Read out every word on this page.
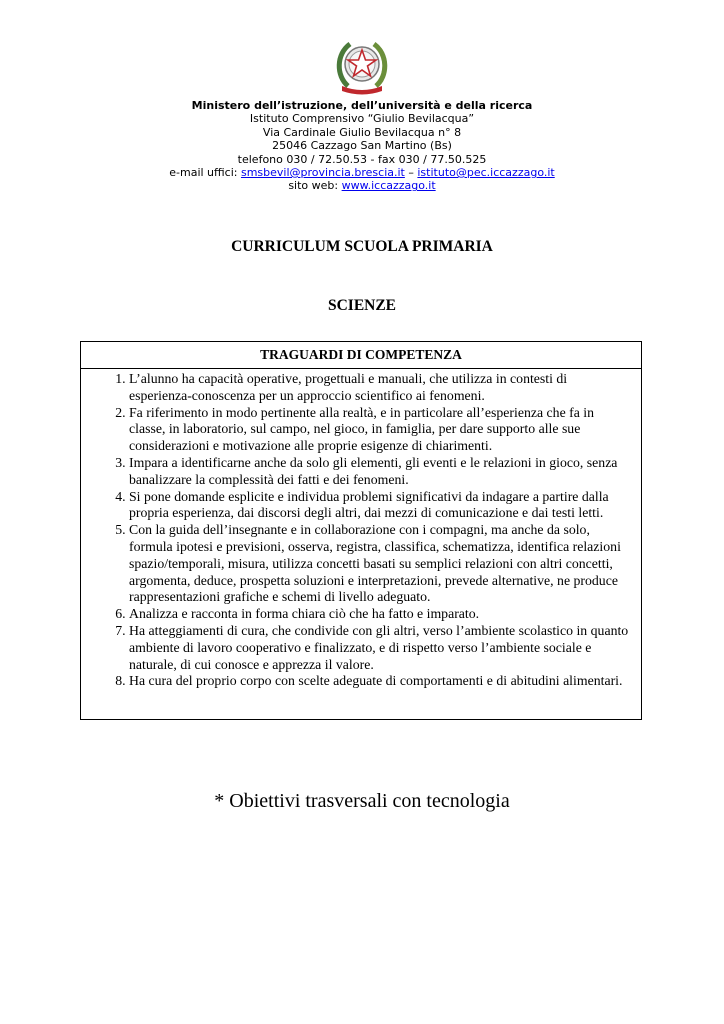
Ministero dell’istruzione, dell’università e della ricerca
Istituto Comprensivo “Giulio Bevilacqua”
Via Cardinale Giulio Bevilacqua n° 8
25046 Cazzago San Martino (Bs)
telefono 030 / 72.50.53 - fax 030 / 77.50.525
e-mail uffici: smsbevil@provincia.brescia.it – istituto@pec.iccazzago.it
sito web: www.iccazzago.it
CURRICULUM SCUOLA PRIMARIA
SCIENZE
TRAGUARDI DI COMPETENZA
1. L’alunno ha capacità operative, progettuali e manuali, che utilizza in contesti di esperienza-conoscenza per un approccio scientifico ai fenomeni.
2. Fa riferimento in modo pertinente alla realtà, e in particolare all’esperienza che fa in classe, in laboratorio, sul campo, nel gioco, in famiglia, per dare supporto alle sue considerazioni e motivazione alle proprie esigenze di chiarimenti.
3. Impara a identificarne anche da solo gli elementi, gli eventi e le relazioni in gioco, senza banalizzare la complessità dei fatti e dei fenomeni.
4. Si pone domande esplicite e individua problemi significativi da indagare a partire dalla propria esperienza, dai discorsi degli altri, dai mezzi di comunicazione e dai testi letti.
5. Con la guida dell’insegnante e in collaborazione con i compagni, ma anche da solo, formula ipotesi e previsioni, osserva, registra, classifica, schematizza, identifica relazioni spazio/temporali, misura, utilizza concetti basati su semplici relazioni con altri concetti, argomenta, deduce, prospetta soluzioni e interpretazioni, prevede alternative, ne produce rappresentazioni grafiche e schemi di livello adeguato.
6. Analizza e racconta in forma chiara ciò che ha fatto e imparato.
7. Ha atteggiamenti di cura, che condivide con gli altri, verso l’ambiente scolastico in quanto ambiente di lavoro cooperativo e finalizzato, e di rispetto verso l’ambiente sociale e naturale, di cui conosce e apprezza il valore.
8. Ha cura del proprio corpo con scelte adeguate di comportamenti e di abitudini alimentari.
* Obiettivi trasversali con tecnologia
